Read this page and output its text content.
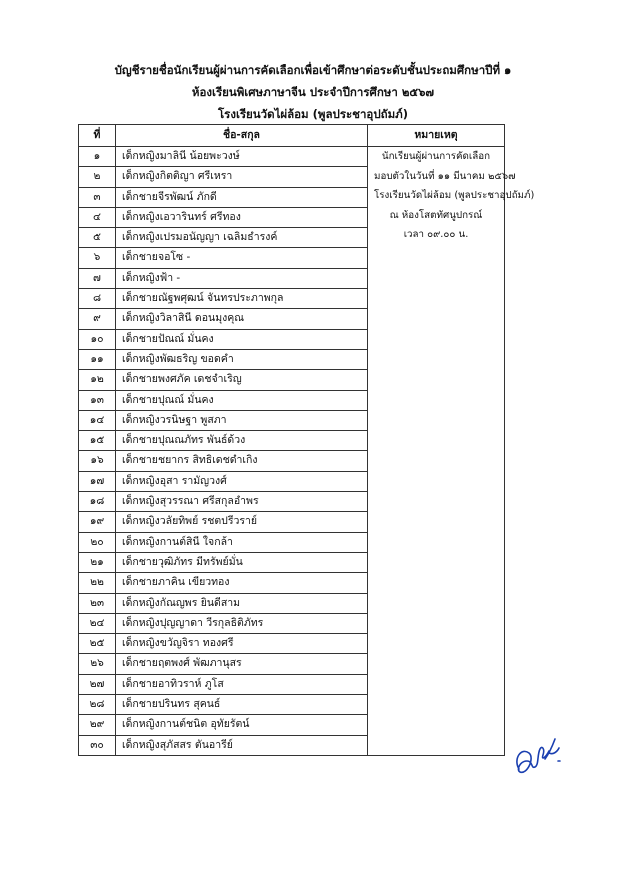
บัญชีรายชื่อนักเรียนผู้ผ่านการคัดเลือกเพื่อเข้าศึกษาต่อระดับชั้นประถมศึกษาปีที่ ๑
ห้องเรียนพิเศษภาษาจีน ประจำปีการศึกษา ๒๕๖๗
โรงเรียนวัดไผ่ล้อม (พูลประชาอุปถัมภ์)
ที่	ชื่อ-สกุล	หมายเหตุ
๑	เด็กหญิงมาลินี น้อยพะวงษ์	นักเรียนผู้ผ่านการคัดเลือก
มอบตัวในวันที่ ๑๑ มีนาคม ๒๕๖๗
โรงเรียนวัดไผ่ล้อม (พูลประชาอุปถัมภ์)
ณ ห้องโสตทัศนูปกรณ์
เวลา ๐๙.๐๐ น.

๒	เด็กหญิงกิตติญา ศรีเหรา	
๓	เด็กชายจีรพัฒน์ ภักดี	
๔	เด็กหญิงเอวารินทร์ ศรีทอง	
๕	เด็กหญิงเปรมอนัญญา เฉลิมธำรงค์	
๖	เด็กชายจอโซ -	
๗	เด็กหญิงฟ้า -	
๘	เด็กชายณัฐพศุฒน์ จันทรประภาพกุล	
๙	เด็กหญิงวิลาสินี ดอนมุงคุณ	
๑๐	เด็กชายปัณณ์ มั่นคง	
๑๑	เด็กหญิงพัฒธริญ ขอดคำ	
๑๒	เด็กชายพงศภัค เดชจำเริญ	
๑๓	เด็กชายปุณณ์ มั่นคง	
๑๔	เด็กหญิงวรนิษฐา พูสภา	
๑๕	เด็กชายปุณณภัทร พันธ์ด้วง	
๑๖	เด็กชายชยากร สิทธิเดชดำเกิง	
๑๗	เด็กหญิงอุสา รามัญวงศ์	
๑๘	เด็กหญิงสุวรรณา ศรีสกุลอำพร	
๑๙	เด็กหญิงวลัยทิพย์ รชตปรีวราย์	
๒๐	เด็กหญิงกานต์สินี ใจกล้า	
๒๑	เด็กชายวุฒิภัทร มีทรัพย์มั่น	
๒๒	เด็กชายภาคิน เขียวทอง	
๒๓	เด็กหญิงกัณญพร ยินดีสาม	
๒๔	เด็กหญิงปุญญาดา วีรกุลธิติภัทร	
๒๕	เด็กหญิงขวัญจิรา ทองศรี	
๒๖	เด็กชายฤตพงศ์ พัฒภานุสร	
๒๗	เด็กชายอาทิวราห์ ภูโส	
๒๘	เด็กชายปรินทร สุคนธ์	
๒๙	เด็กหญิงกานต์ชนิต อุทัยรัตน์	
๓๐	เด็กหญิงสุภัสสร ตันอารีย์	
